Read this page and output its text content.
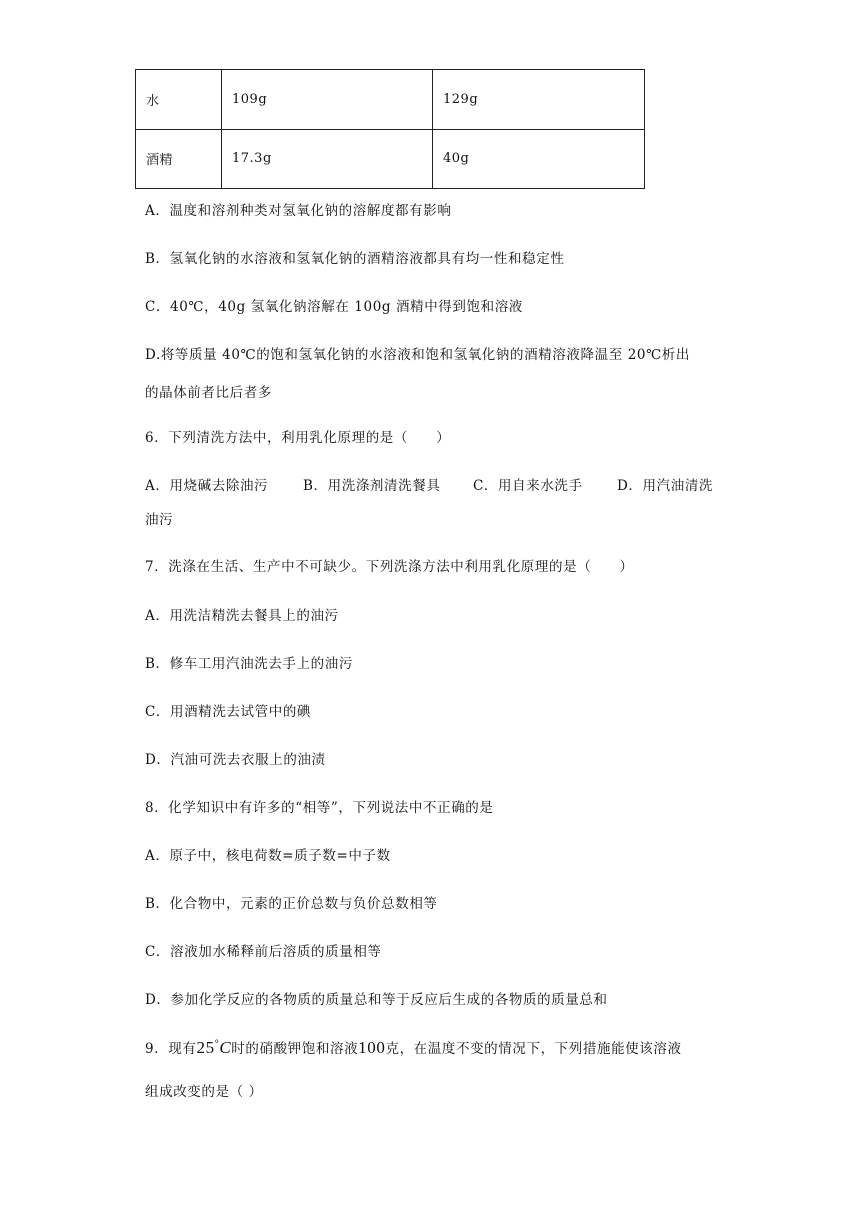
水	109g	129g
酒精	17.3g	40g
A．温度和溶剂种类对氢氧化钠的溶解度都有影响
B．氢氧化钠的水溶液和氢氧化钠的酒精溶液都具有均一性和稳定性
C．40℃，40g 氢氧化钠溶解在 100g 酒精中得到饱和溶液
D.将等质量 40℃的饱和氢氧化钠的水溶液和饱和氢氧化钠的酒精溶液降温至 20℃析出
的晶体前者比后者多
6．下列清洗方法中，利用乳化原理的是（　　）
A．用烧碱去除油污	B．用洗涤剂清洗餐具 C．用自来水洗手	D．用汽油清洗
油污
7．洗涤在生活、生产中不可缺少。下列洗涤方法中利用乳化原理的是（　　）
A．用洗洁精洗去餐具上的油污
B．修车工用汽油洗去手上的油污
C．用酒精洗去试管中的碘
D．汽油可洗去衣服上的油渍
8．化学知识中有许多的“相等”，下列说法中不正确的是
A．原子中，核电荷数=质子数=中子数
B．化合物中，元素的正价总数与负价总数相等
C．溶液加水稀释前后溶质的质量相等
D．参加化学反应的各物质的质量总和等于反应后生成的各物质的质量总和
9．现有25°C时的硝酸钾饱和溶液100克，在温度不变的情况下，下列措施能使该溶液
组成改变的是（ ）
